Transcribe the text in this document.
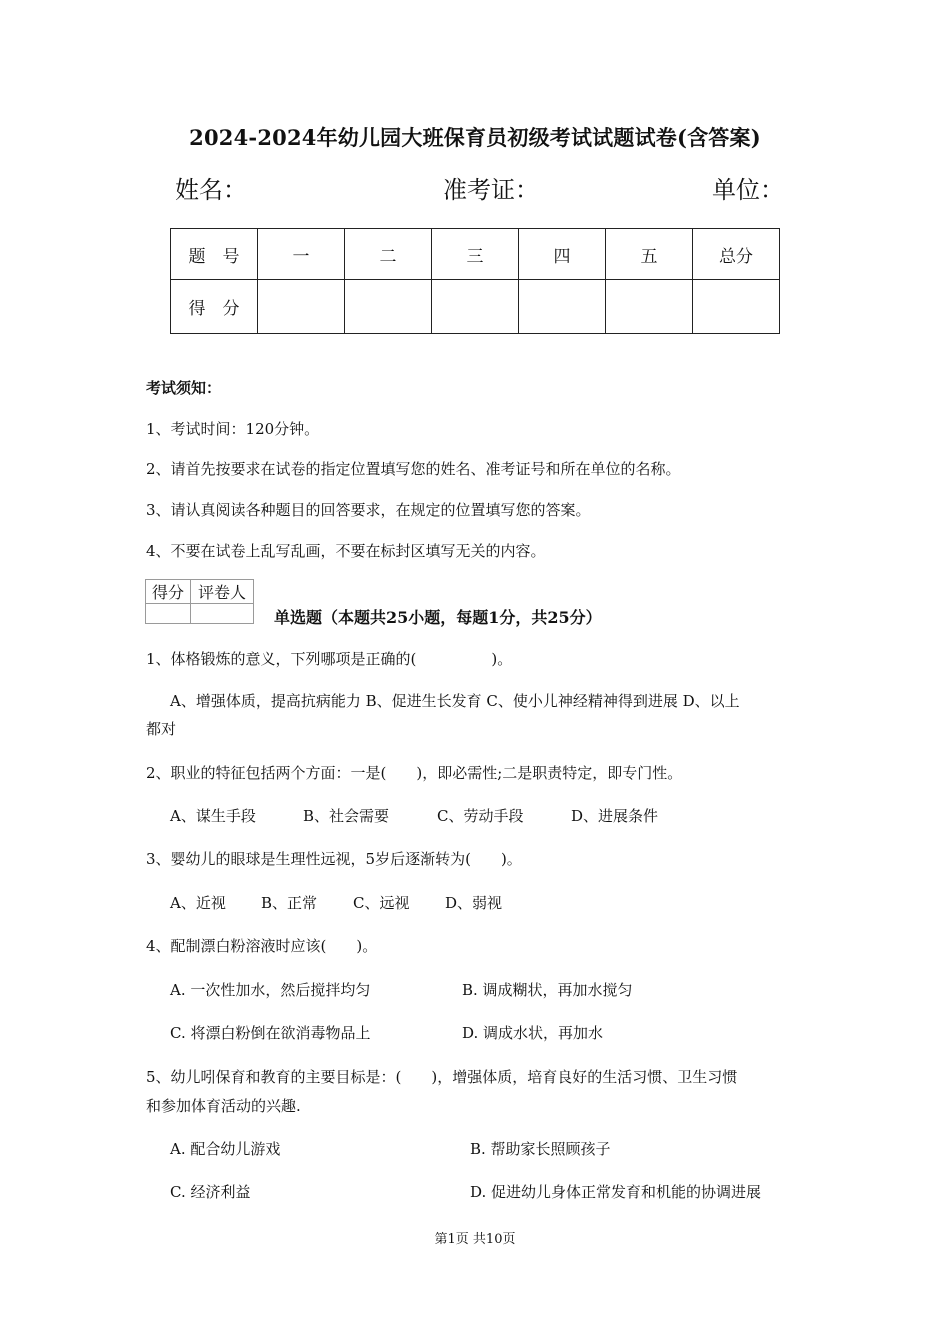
2024-2024年幼儿园大班保育员初级考试试题试卷(含答案)
姓名：	准考证：	单位：
题　号	一	二	三	四	五	总分
得　分						
考试须知：
1、考试时间：120分钟。
2、请首先按要求在试卷的指定位置填写您的姓名、准考证号和所在单位的名称。
3、请认真阅读各种题目的回答要求，在规定的位置填写您的答案。
4、不要在试卷上乱写乱画，不要在标封区填写无关的内容。
得分	评卷人

单选题（本题共25小题，每题1分，共25分）
1、体格锻炼的意义，下列哪项是正确的(　　　　　)。
A、增强体质，提高抗病能力 B、促进生长发育 C、使小儿神经精神得到进展 D、以上
都对
2、职业的特征包括两个方面：一是(　　)，即必需性;二是职责特定，即专门性。
A、谋生手段	B、社会需要	C、劳动手段	D、进展条件
3、婴幼儿的眼球是生理性远视，5岁后逐渐转为(　　)。
A、近视 B、正常 C、远视 D、弱视
4、配制漂白粉溶液时应该(　　)。
A. 一次性加水，然后搅拌均匀	B. 调成糊状，再加水搅匀
C. 将漂白粉倒在欲消毒物品上	D. 调成水状，再加水
5、幼儿吲保育和教育的主要目标是：(　　)，增强体质，培育良好的生活习惯、卫生习惯
和参加体育活动的兴趣.
A. 配合幼儿游戏	B. 帮助家长照顾孩子
C. 经济利益	D. 促进幼儿身体正常发育和机能的协调进展
第1页 共10页
